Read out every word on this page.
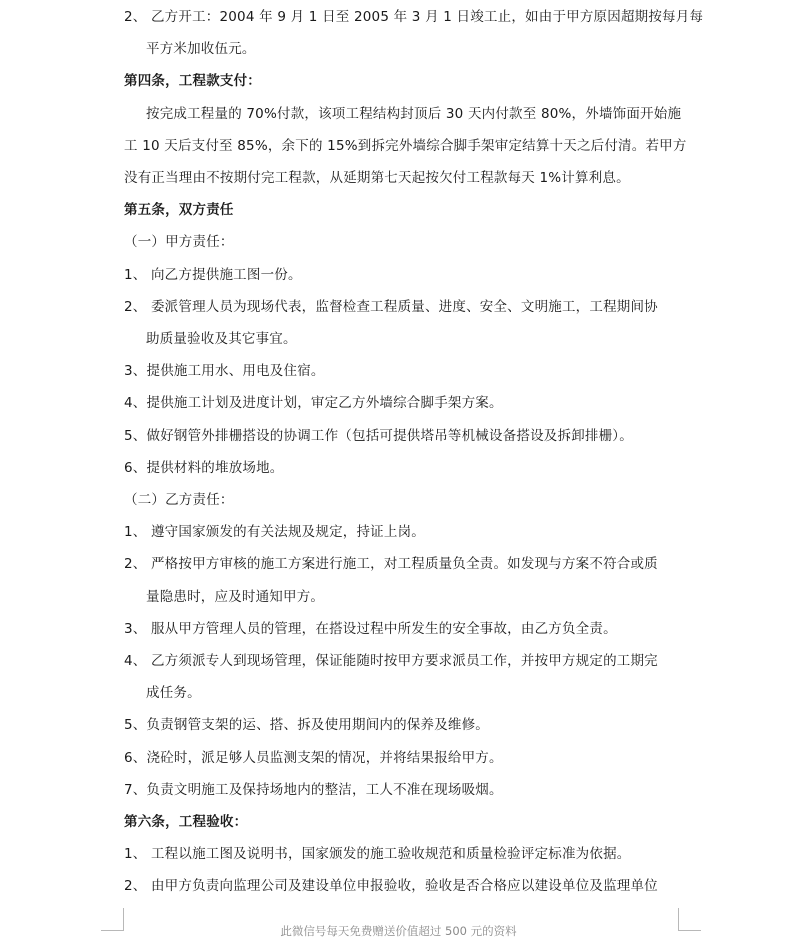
2、 乙方开工：2004 年 9 月 1 日至 2005 年 3 月 1 日竣工止，如由于甲方原因超期按每月每
平方米加收伍元。
第四条，工程款支付：
按完成工程量的 70%付款，该项工程结构封顶后 30 天内付款至 80%，外墙饰面开始施
工 10 天后支付至 85%，余下的 15%到拆完外墙综合脚手架审定结算十天之后付清。若甲方
没有正当理由不按期付完工程款，从延期第七天起按欠付工程款每天 1%计算利息。
第五条，双方责任
（一）甲方责任：
1、 向乙方提供施工图一份。
2、 委派管理人员为现场代表，监督检查工程质量、进度、安全、文明施工，工程期间协
助质量验收及其它事宜。
3、提供施工用水、用电及住宿。
4、提供施工计划及进度计划，审定乙方外墙综合脚手架方案。
5、做好钢管外排栅搭设的协调工作（包括可提供塔吊等机械设备搭设及拆卸排栅）。
6、提供材料的堆放场地。
（二）乙方责任：
1、 遵守国家颁发的有关法规及规定，持证上岗。
2、 严格按甲方审核的施工方案进行施工，对工程质量负全责。如发现与方案不符合或质
量隐患时，应及时通知甲方。
3、 服从甲方管理人员的管理，在搭设过程中所发生的安全事故，由乙方负全责。
4、 乙方须派专人到现场管理，保证能随时按甲方要求派员工作，并按甲方规定的工期完
成任务。
5、负责钢管支架的运、搭、拆及使用期间内的保养及维修。
6、浇砼时，派足够人员监测支架的情况，并将结果报给甲方。
7、负责文明施工及保持场地内的整洁，工人不准在现场吸烟。
第六条，工程验收：
1、 工程以施工图及说明书，国家颁发的施工验收规范和质量检验评定标准为依据。
2、 由甲方负责向监理公司及建设单位申报验收，验收是否合格应以建设单位及监理单位
此微信号每天免费赠送价值超过 500 元的资料
